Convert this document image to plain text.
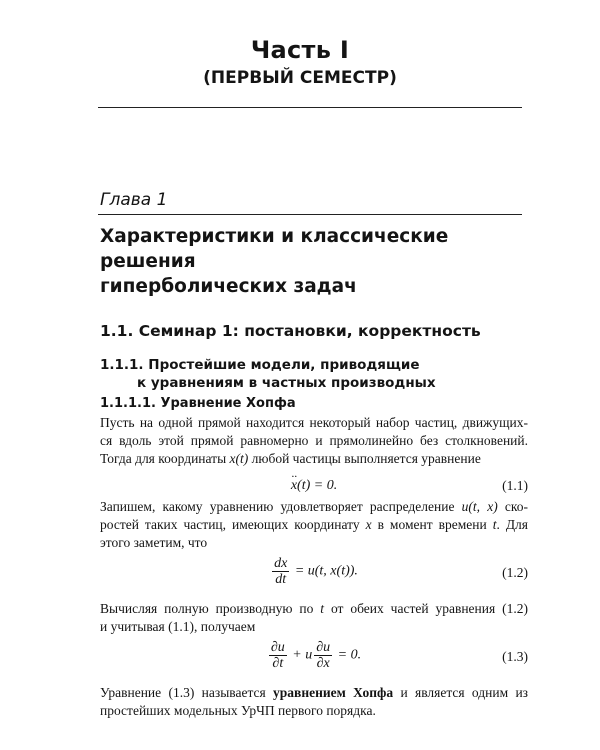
Часть I
(ПЕРВЫЙ СЕМЕСТР)
Глава 1
Характеристики и классические решения
гиперболических задач
1.1. Семинар 1: постановки, корректность
1.1.1. Простейшие модели, приводящие
к уравнениям в частных производных
1.1.1.1. Уравнение Хопфа
Пусть на одной прямой находится некоторый набор частиц, движущих-
ся вдоль этой прямой равномерно и прямолинейно без столкновений.
Тогда для координаты x(t) любой частицы выполняется уравнение
·· x(t) = 0.	(1.1)
Запишем, какому уравнению удовлетворяет распределение u(t, x) ско-
ростей таких частиц, имеющих координату x в момент времени t. Для
этого заметим, что
$\frac{dx}{dt} = u(t$, x(t)).	(1.2)
Вычисляя полную производную по t от обеих частей уравнения (1.2)
и учитывая (1.1), получаем
$\frac{\partial u}{\partial t} + u \frac{\partial u}{\partial x} = 0$.	(1.3)
Уравнение (1.3) называется уравнением Хопфа и является одним из
простейших модельных УрЧП первого порядка.
